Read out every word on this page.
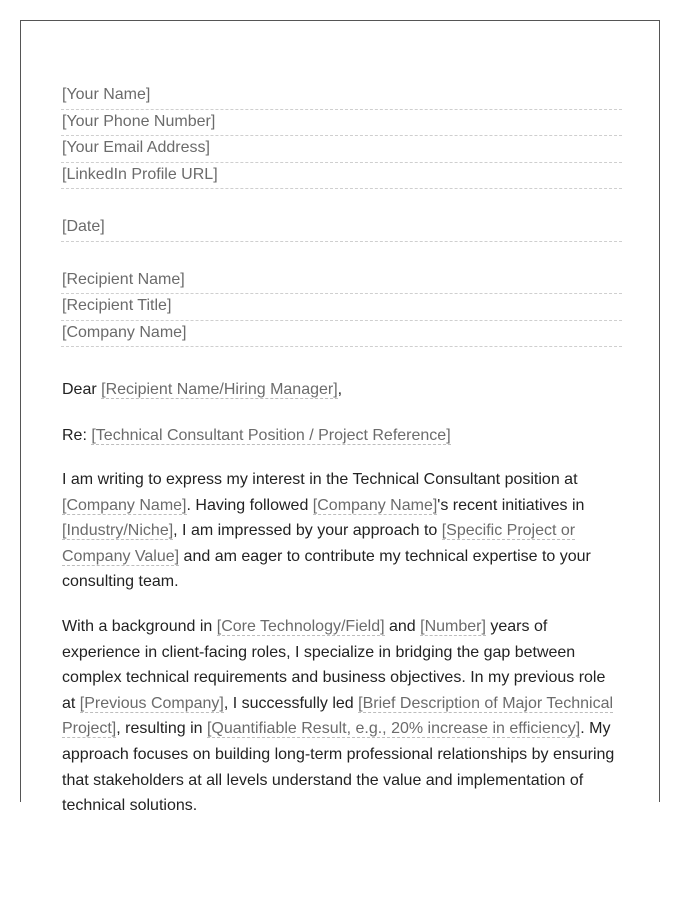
[Your Name]
[Your Phone Number]
[Your Email Address]
[LinkedIn Profile URL]
[Date]
[Recipient Name]
[Recipient Title]
[Company Name]
Dear [Recipient Name/Hiring Manager],
Re: [Technical Consultant Position / Project Reference]
I am writing to express my interest in the Technical Consultant position at
[Company Name]. Having followed [Company Name]'s recent initiatives in
[Industry/Niche], I am impressed by your approach to [Specific Project or
Company Value] and am eager to contribute my technical expertise to your
consulting team.
With a background in [Core Technology/Field] and [Number] years of
experience in client-facing roles, I specialize in bridging the gap between
complex technical requirements and business objectives. In my previous role
at [Previous Company], I successfully led [Brief Description of Major Technical
Project], resulting in [Quantifiable Result, e.g., 20% increase in efficiency]. My
approach focuses on building long-term professional relationships by ensuring
that stakeholders at all levels understand the value and implementation of
technical solutions.
